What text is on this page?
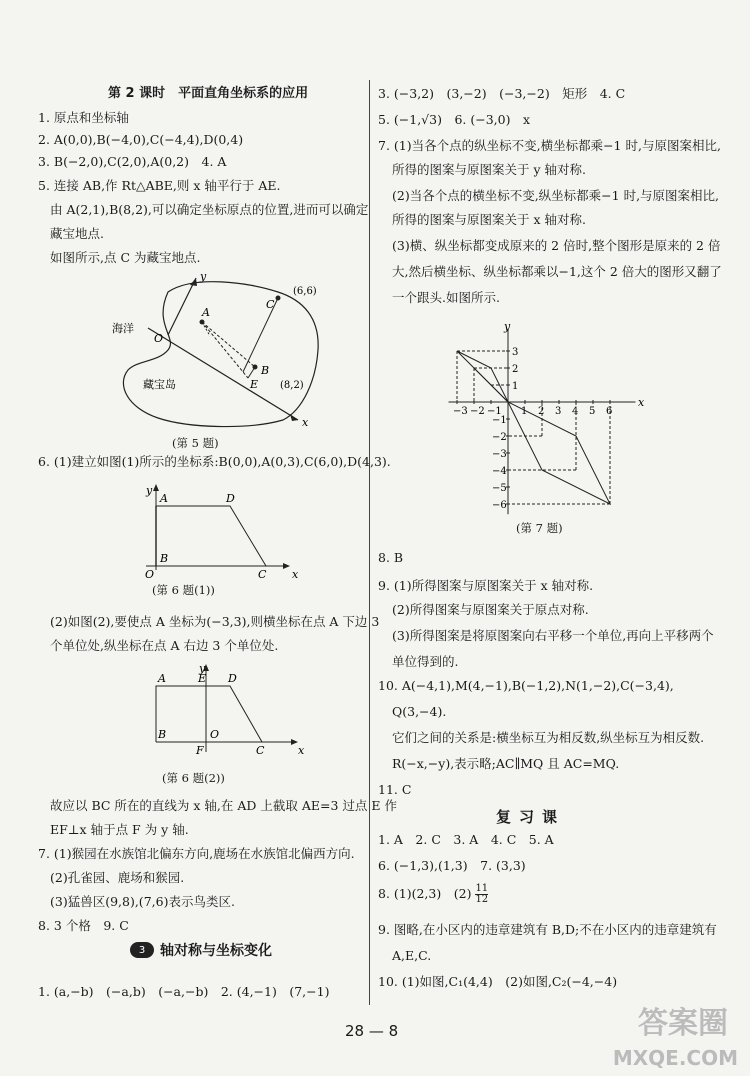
第 2 课时　平面直角坐标系的应用
1. 原点和坐标轴
2. A(0,0),B(−4,0),C(−4,4),D(0,4)
3. B(−2,0),C(2,0),A(0,2)　4. A
5. 连接 AB,作 Rt△ABE,则 x 轴平行于 AE.
由 A(2,1),B(8,2),可以确定坐标原点的位置,进而可以确定
藏宝地点.
如图所示,点 C 为藏宝地点.
海洋
藏宝岛
(6,6)
(8,2)
O
A
B
C
E
x
y
(第 5 题)
6. (1)建立如图(1)所示的坐标系:B(0,0),A(0,3),C(6,0),D(4,3).
y
x
A	D
B
O	C
(第 6 题(1))
(2)如图(2),要使点 A 坐标为(−3,3),则横坐标在点 A 下边 3
个单位处,纵坐标在点 A 右边 3 个单位处.
y
x
A	E D
B
F
O
C
(第 6 题(2))
故应以 BC 所在的直线为 x 轴,在 AD 上截取 AE=3 过点 E 作
EF⊥x 轴于点 F 为 y 轴.
7. (1)猴园在水族馆北偏东方向,鹿场在水族馆北偏西方向.
(2)孔雀园、鹿场和猴园.
(3)猛兽区(9,8),(7,6)表示鸟类区.
8. 3 个格　9. C
1. (a,−b)　(−a,b)　(−a,−b)　2. (4,−1)　(7,−1)
3	轴对称与坐标变化
3. (−3,2)　(3,−2)　(−3,−2)　矩形　4. C
5. (−1,√3)　6. (−3,0)　x
7. (1)当各个点的纵坐标不变,横坐标都乘−1 时,与原图案相比,
所得的图案与原图案关于 y 轴对称.
(2)当各个点的横坐标不变,纵坐标都乘−1 时,与原图案相比,
所得的图案与原图案关于 x 轴对称.
(3)横、纵坐标都变成原来的 2 倍时,整个图形是原来的 2 倍
大,然后横坐标、纵坐标都乘以−1,这个 2 倍大的图形又翻了
一个跟头.如图所示.
−3 −2 −1 1 2 3 4 5 6
−6
−5
−4
−3
−2
−1
1
2
3
y
x
(第 7 题)
8. B
9. (1)所得图案与原图案关于 x 轴对称.
(2)所得图案与原图案关于原点对称.
(3)所得图案是将原图案向右平移一个单位,再向上平移两个
单位得到的.
10. A(−4,1),M(4,−1),B(−1,2),N(1,−2),C(−3,4),
Q(3,−4).
它们之间的关系是:横坐标互为相反数,纵坐标互为相反数.
R(−x,−y),表示略;AC∥MQ 且 AC=MQ.
11. C
复习课
1. A　2. C　3. A　4. C　5. A
6. (−1,3),(1,3)　7. (3,3)
8. (1)(2,3)　$(2) \frac{11}{12}$
9. 图略,在小区内的违章建筑有 B,D;不在小区内的违章建筑有
A,E,C.
10. (1)如图,C₁(4,4)　(2)如图,C₂(−4,−4)
28 — 8	答案圈
MXQE.COM
